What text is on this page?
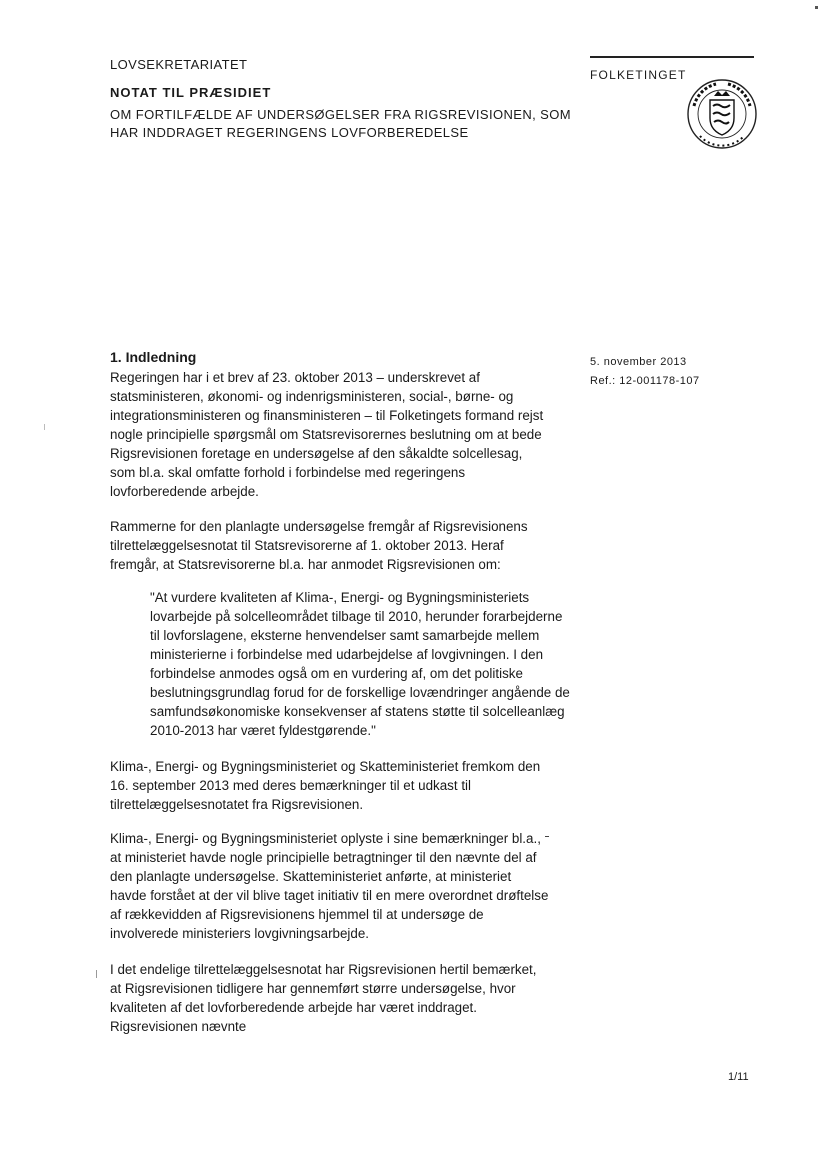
LOVSEKRETARIATET
NOTAT TIL PRÆSIDIET
OM FORTILFÆLDE AF UNDERSØGELSER FRA RIGSREVISIONEN, SOM
HAR INDDRAGET REGERINGENS LOVFORBEREDELSE
FOLKETINGET
5. november 2013
Ref.: 12-001178-107
1. Indledning

Regeringen har i et brev af 23. oktober 2013 – underskrevet af statsministeren, økonomi- og indenrigsministeren, social-, børne- og integrationsministeren og finansministeren – til Folketingets formand rejst nogle principielle spørgsmål om Statsrevisorernes beslutning om at bede Rigsrevisionen foretage en undersøgelse af den såkaldte solcellesag, som bl.a. skal omfatte forhold i forbindelse med regeringens lovforberedende arbejde.

Rammerne for den planlagte undersøgelse fremgår af Rigsrevisionens tilrettelæggelsesnotat til Statsrevisorerne af 1. oktober 2013. Heraf fremgår, at Statsrevisorerne bl.a. har anmodet Rigsrevisionen om:

"At vurdere kvaliteten af Klima-, Energi- og Bygningsministeriets lovarbejde på solcelleområdet tilbage til 2010, herunder forarbejderne til lovforslagene, eksterne henvendelser samt samarbejde mellem ministerierne i forbindelse med udarbejdelse af lovgivningen. I den forbindelse anmodes også om en vurdering af, om det politiske beslutningsgrundlag forud for de forskellige lovændringer angående de samfundsøkonomiske konsekvenser af statens støtte til solcelleanlæg 2010-2013 har været fyldestgørende."

Klima-, Energi- og Bygningsministeriet og Skatteministeriet fremkom den 16. september 2013 med deres bemærkninger til et udkast til tilrettelæggelsesnotatet fra Rigsrevisionen.

Klima-, Energi- og Bygningsministeriet oplyste i sine bemærkninger bl.a., at ministeriet havde nogle principielle betragtninger til den nævnte del af den planlagte undersøgelse. Skatteministeriet anførte, at ministeriet havde forstået at der vil blive taget initiativ til en mere overordnet drøftelse af rækkevidden af Rigsrevisionens hjemmel til at undersøge de involverede ministeriers lovgivningsarbejde.

I det endelige tilrettelæggelsesnotat har Rigsrevisionen hertil bemærket, at Rigsrevisionen tidligere har gennemført større undersøgelse, hvor kvaliteten af det lovforberedende arbejde har været inddraget. Rigsrevisionen nævnte

1/11
